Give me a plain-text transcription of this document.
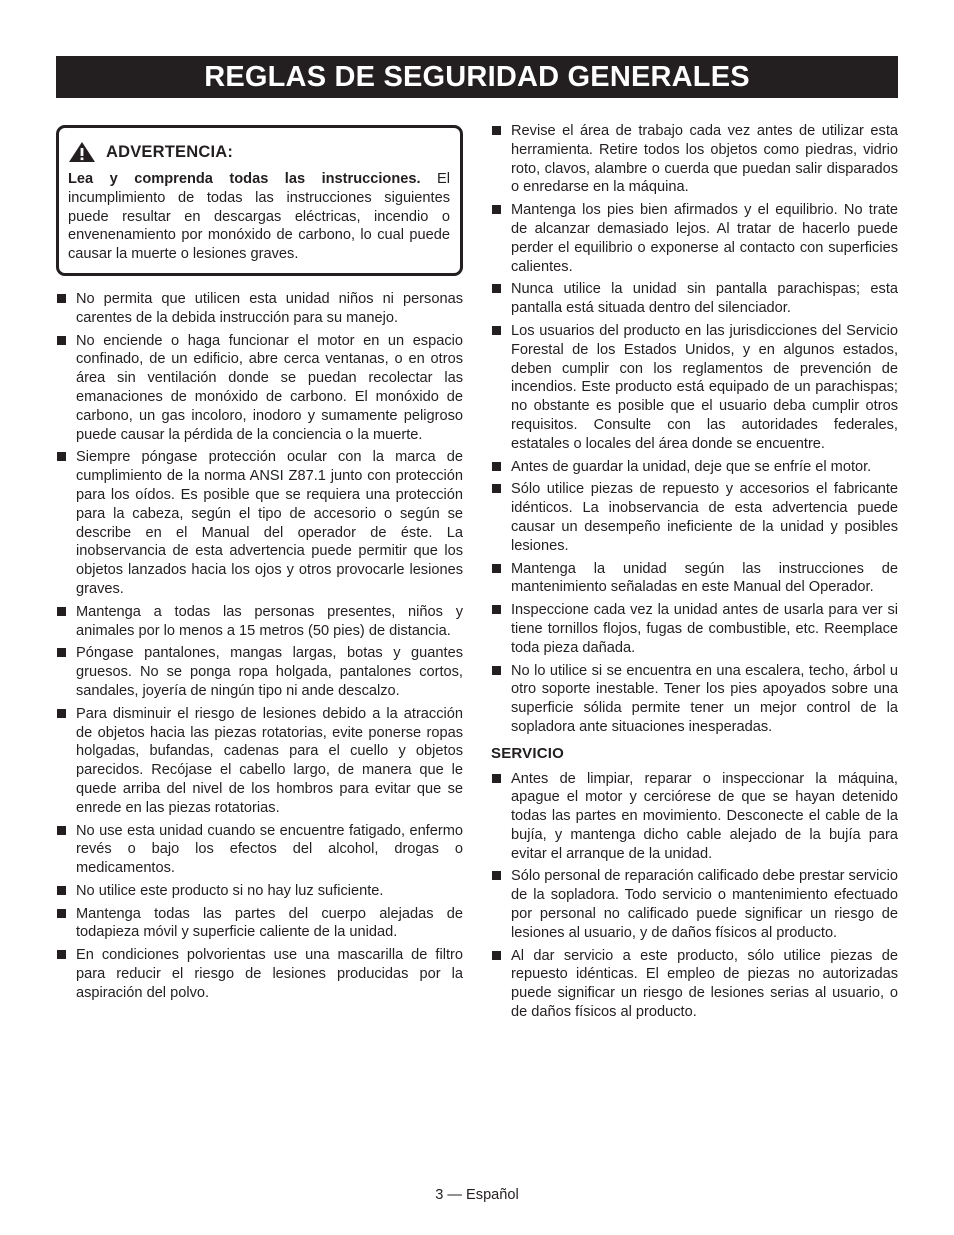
REGLAS DE SEGURIDAD GENERALES
ADVERTENCIA:
Lea y comprenda todas las instrucciones. El incumplimiento de todas las instrucciones siguientes puede resultar en descargas eléctricas, incendio o envenenamiento por monóxido de carbono, lo cual puede causar la muerte o lesiones graves.
No permita que utilicen esta unidad niños ni personas carentes de la debida instrucción para su manejo.
No enciende o haga funcionar el motor en un espacio confinado, de un edificio, abre cerca ventanas, o en otros área sin ventilación donde se puedan recolectar las emanaciones de monóxido de carbono. El monóxido de carbono, un gas incoloro, inodoro y sumamente peligroso puede causar la pérdida de la conciencia o la muerte.
Siempre póngase protección ocular con la marca de cumplimiento de la norma ANSI Z87.1 junto con protección para los oídos. Es posible que se requiera una protección para la cabeza, según el tipo de accesorio o según se describe en el Manual del operador de éste. La inobservancia de esta advertencia puede permitir que los objetos lanzados hacia los ojos y otros provocarle lesiones graves.
Mantenga a todas las personas presentes, niños y animales por lo menos a 15 metros (50 pies) de distancia.
Póngase pantalones, mangas largas, botas y guantes gruesos. No se ponga ropa holgada, pantalones cortos, sandales, joyería de ningún tipo ni ande descalzo.
Para disminuir el riesgo de lesiones debido a la atracción de objetos hacia las piezas rotatorias, evite ponerse ropas holgadas, bufandas, cadenas para el cuello y objetos parecidos. Recójase el cabello largo, de manera que le quede arriba del nivel de los hombros para evitar que se enrede en las piezas rotatorias.
No use esta unidad cuando se encuentre fatigado, enfermo revés o bajo los efectos del alcohol, drogas o medicamentos.
No utilice este producto si no hay luz suficiente.
Mantenga todas las partes del cuerpo alejadas de todapieza móvil y superficie caliente de la unidad.
En condiciones polvorientas use una mascarilla de filtro para reducir el riesgo de lesiones producidas por la aspiración del polvo.
Revise el área de trabajo cada vez antes de utilizar esta herramienta. Retire todos los objetos como piedras, vidrio roto, clavos, alambre o cuerda que puedan salir disparados o enredarse en la máquina.
Mantenga los pies bien afirmados y el equilibrio. No trate de alcanzar demasiado lejos. Al tratar de hacerlo puede perder el equilibrio o exponerse al contacto con superficies calientes.
Nunca utilice la unidad sin pantalla parachispas; esta pantalla está situada dentro del silenciador.
Los usuarios del producto en las jurisdicciones del Servicio Forestal de los Estados Unidos, y en algunos estados, deben cumplir con los reglamentos de prevención de incendios. Este producto está equipado de un parachispas; no obstante es posible que el usuario deba cumplir otros requisitos. Consulte con las autoridades federales, estatales o locales del área donde se encuentre.
Antes de guardar la unidad, deje que se enfríe el motor.
Sólo utilice piezas de repuesto y accesorios el fabricante idénticos. La inobservancia de esta advertencia puede causar un desempeño ineficiente de la unidad y posibles lesiones.
Mantenga la unidad según las instrucciones de mantenimiento señaladas en este Manual del Operador.
Inspeccione cada vez la unidad antes de usarla para ver si tiene tornillos flojos, fugas de combustible, etc. Reemplace toda pieza dañada.
No lo utilice si se encuentra en una escalera, techo, árbol u otro soporte inestable. Tener los pies apoyados sobre una superficie sólida permite tener un mejor control de la sopladora ante situaciones inesperadas.
SERVICIO
Antes de limpiar, reparar o inspeccionar la máquina, apague el motor y cerciórese de que se hayan detenido todas las partes en movimiento. Desconecte el cable de la bujía, y mantenga dicho cable alejado de la bujía para evitar el arranque de la unidad.
Sólo personal de reparación calificado debe prestar servicio de la sopladora. Todo servicio o mantenimiento efectuado por personal no calificado puede significar un riesgo de lesiones al usuario, y de daños físicos al producto.
Al dar servicio a este producto, sólo utilice piezas de repuesto idénticas. El empleo de piezas no autorizadas puede significar un riesgo de lesiones serias al usuario, o de daños físicos al producto.
3 — Español
